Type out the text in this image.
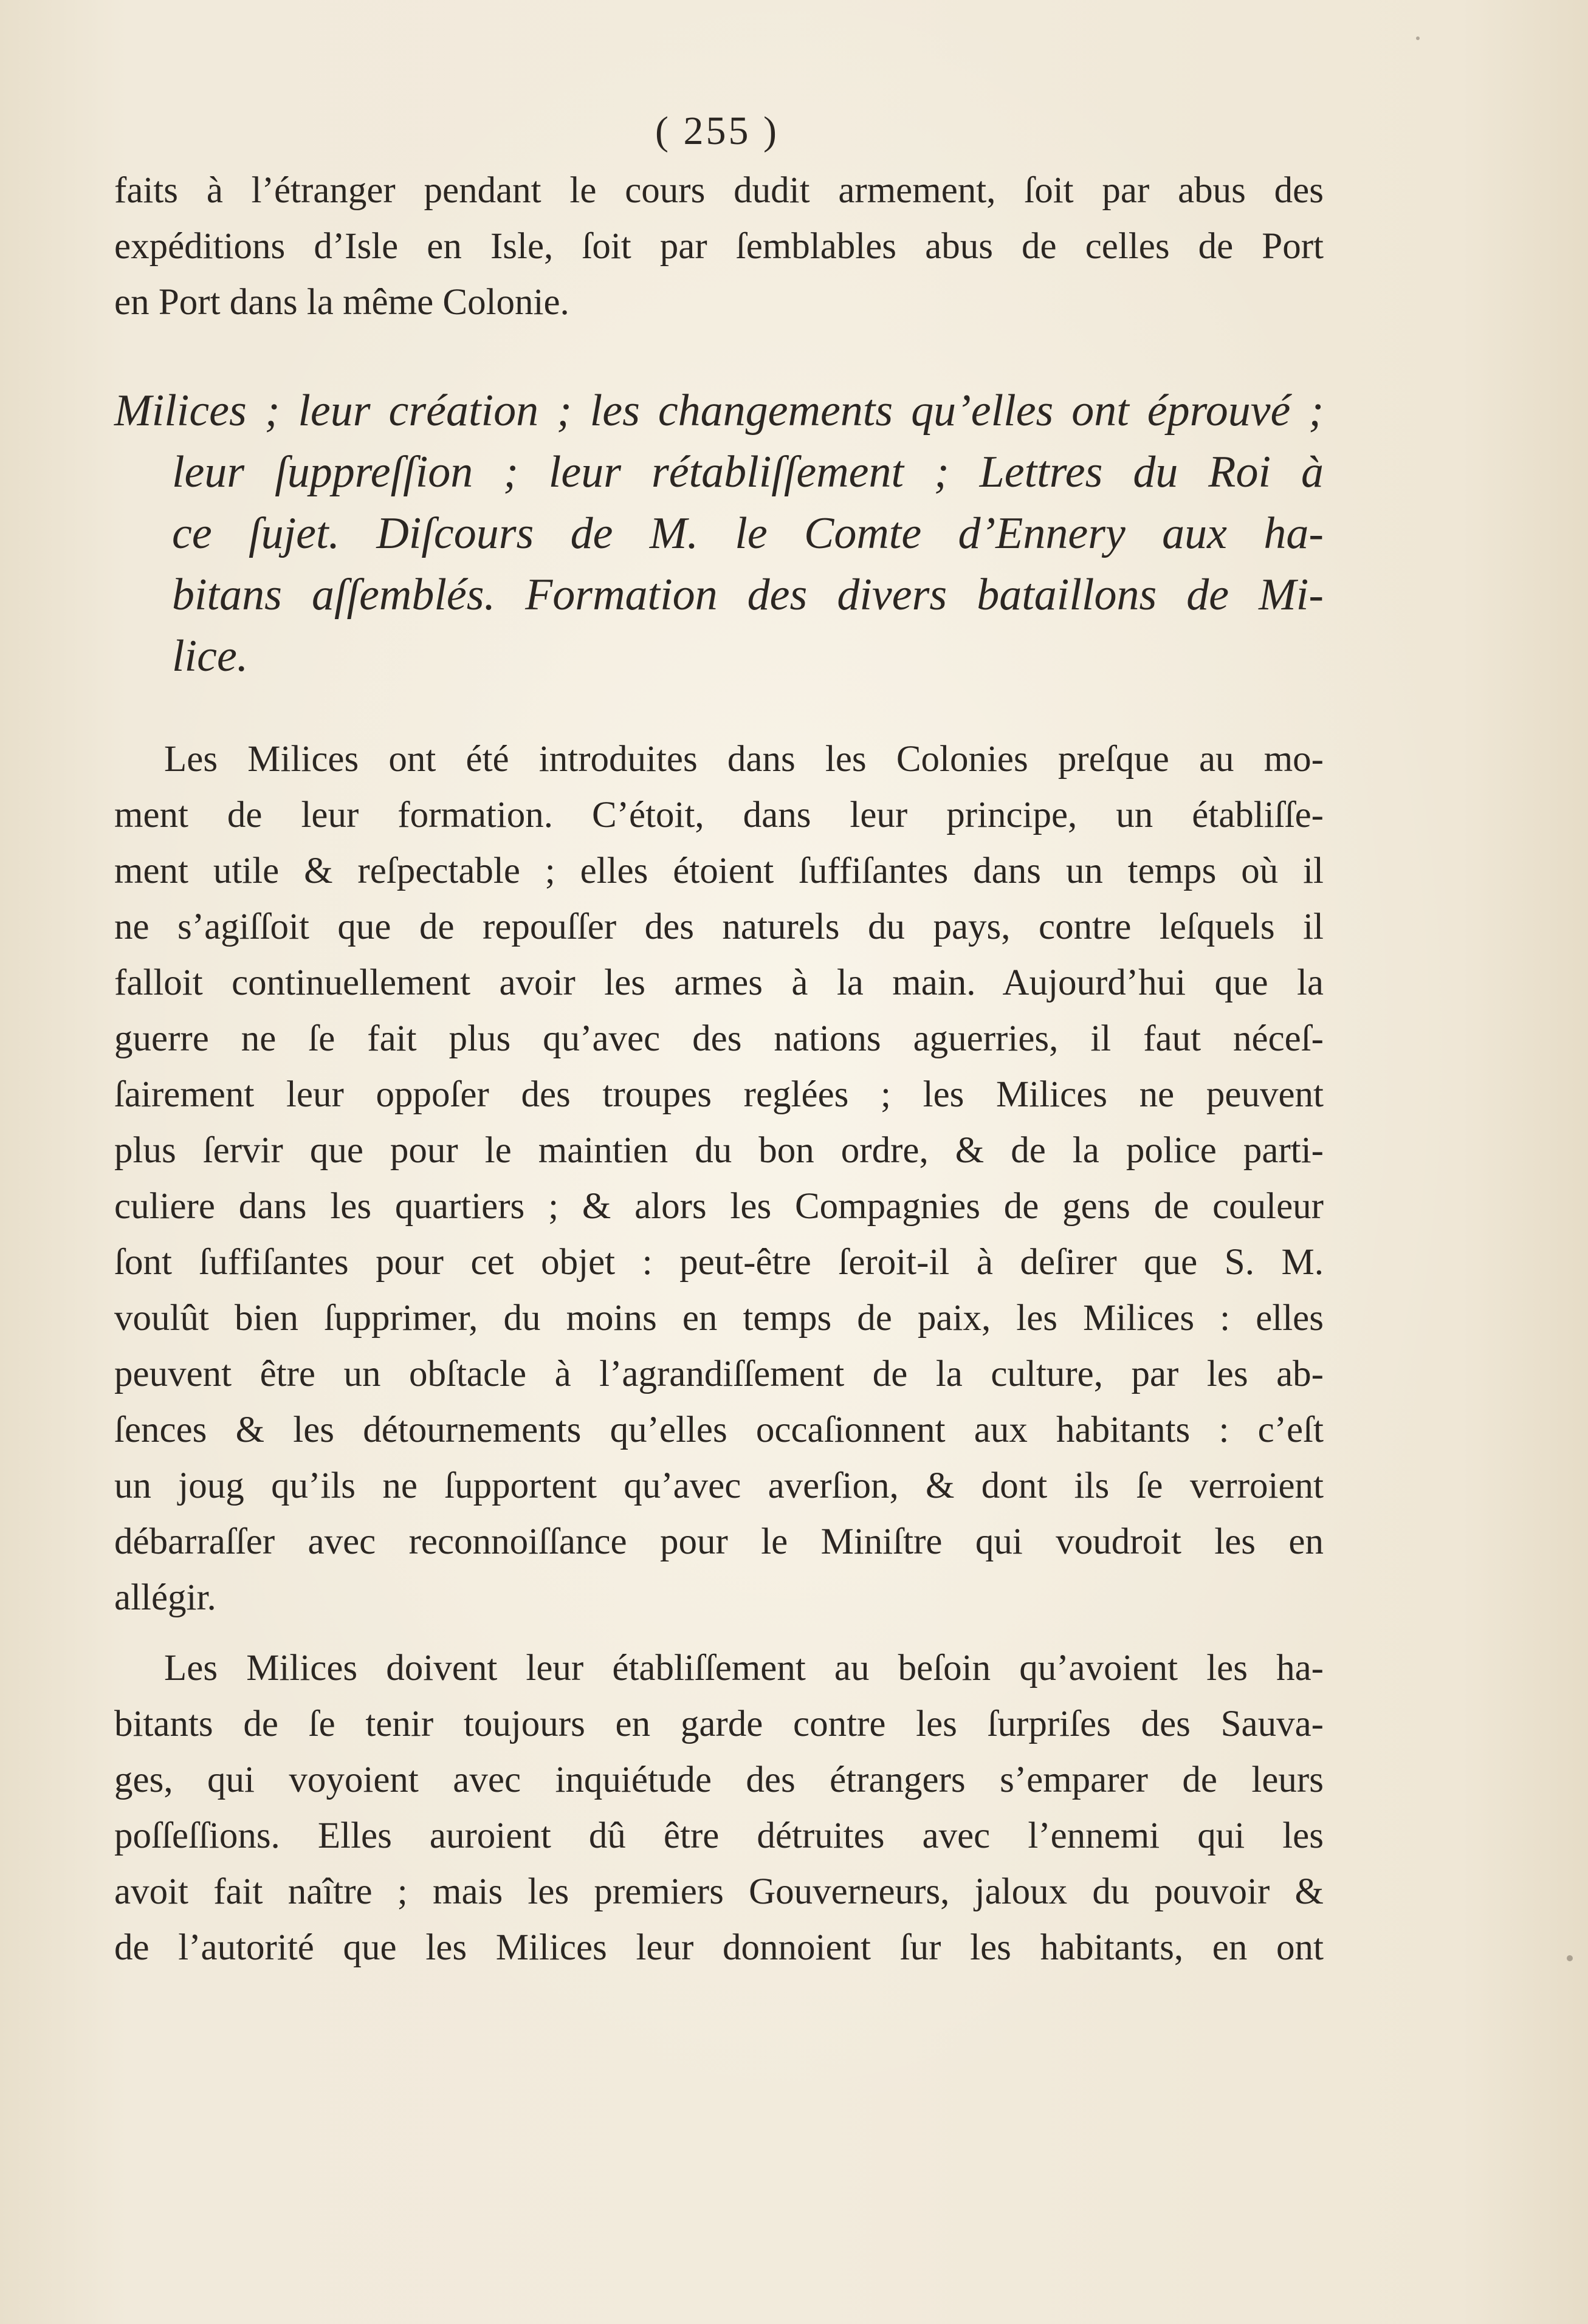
( 255 )
faits à l’étranger pendant le cours dudit armement, ſoit par abus des
expéditions d’Isle en Isle, ſoit par ſemblables abus de celles de Port
en Port dans la même Colonie.
Milices ; leur création ; les changements qu’elles ont éprouvé ;
leur ſuppreſſion ; leur rétabliſſement ; Lettres du Roi à
ce ſujet. Diſcours de M. le Comte d’Ennery aux ha-
bitans aſſemblés. Formation des divers bataillons de Mi-
lice.
Les Milices ont été introduites dans les Colonies preſque au mo-
ment de leur formation. C’étoit, dans leur principe, un établiſſe-
ment utile & reſpectable ; elles étoient ſuffiſantes dans un temps où il
ne s’agiſſoit que de repouſſer des naturels du pays, contre leſquels il
falloit continuellement avoir les armes à la main. Aujourd’hui que la
guerre ne ſe fait plus qu’avec des nations aguerries, il faut néceſ-
ſairement leur oppoſer des troupes reglées ; les Milices ne peuvent
plus ſervir que pour le maintien du bon ordre, & de la police parti-
culiere dans les quartiers ; & alors les Compagnies de gens de couleur
ſont ſuffiſantes pour cet objet : peut-être ſeroit-il à deſirer que S. M.
voulût bien ſupprimer, du moins en temps de paix, les Milices : elles
peuvent être un obſtacle à l’agrandiſſement de la culture, par les ab-
ſences & les détournements qu’elles occaſionnent aux habitants : c’eſt
un joug qu’ils ne ſupportent qu’avec averſion, & dont ils ſe verroient
débarraſſer avec reconnoiſſance pour le Miniſtre qui voudroit les en
allégir.
Les Milices doivent leur établiſſement au beſoin qu’avoient les ha-
bitants de ſe tenir toujours en garde contre les ſurpriſes des Sauva-
ges, qui voyoient avec inquiétude des étrangers s’emparer de leurs
poſſeſſions. Elles auroient dû être détruites avec l’ennemi qui les
avoit fait naître ; mais les premiers Gouverneurs, jaloux du pouvoir &
de l’autorité que les Milices leur donnoient ſur les habitants, en ont
